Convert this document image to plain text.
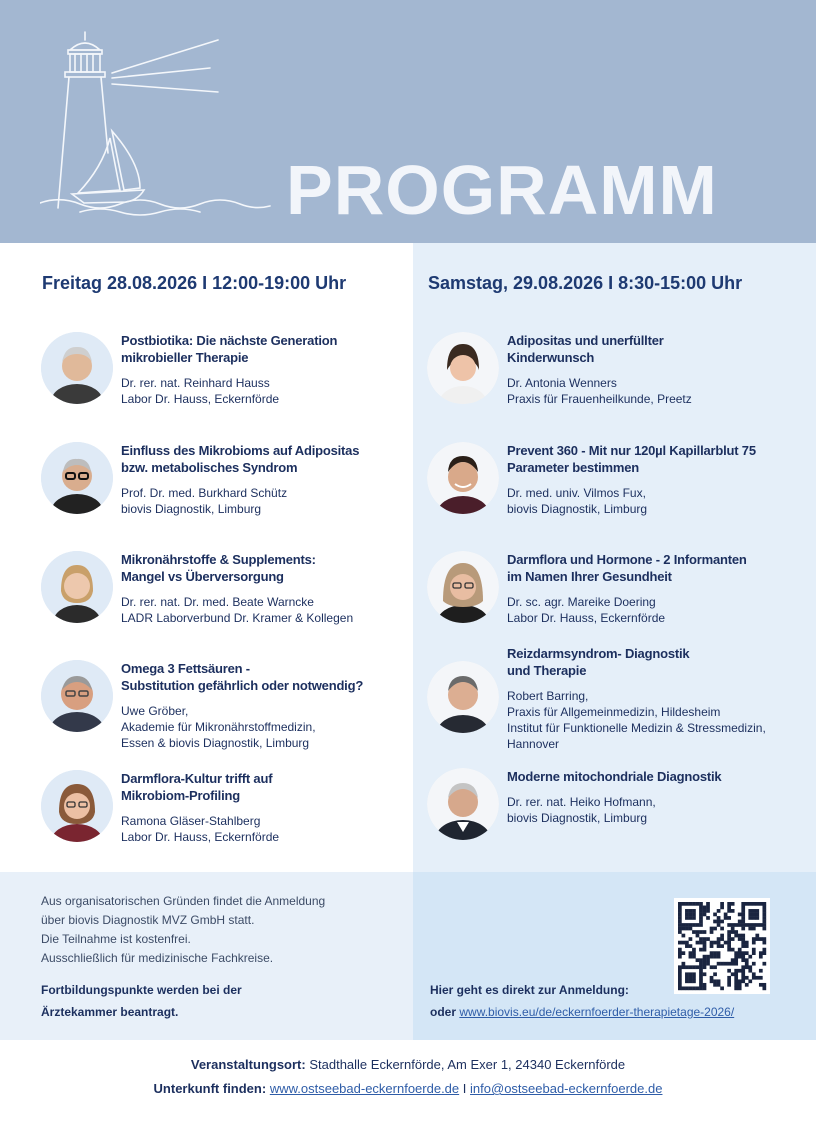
PROGRAMM
Freitag 28.08.2026 I 12:00-19:00 Uhr	Samstag, 29.08.2026 I 8:30-15:00 Uhr
Postbiotika: Die nächste Generation
mikrobieller Therapie
Dr. rer. nat. Reinhard Hauss
Labor Dr. Hauss, Eckernförde
Einfluss des Mikrobioms auf Adipositas
bzw. metabolisches Syndrom
Prof. Dr. med. Burkhard Schütz
biovis Diagnostik, Limburg
Mikronährstoffe & Supplements:
Mangel vs Überversorgung
Dr. rer. nat. Dr. med. Beate Warncke
LADR Laborverbund Dr. Kramer & Kollegen
Omega 3 Fettsäuren -
Substitution gefährlich oder notwendig?
Uwe Gröber,
Akademie für Mikronährstoffmedizin,
Essen & biovis Diagnostik, Limburg
Darmflora-Kultur trifft auf
Mikrobiom-Profiling
Ramona Gläser-Stahlberg
Labor Dr. Hauss, Eckernförde
Adipositas und unerfüllter
Kinderwunsch
Dr. Antonia Wenners
Praxis für Frauenheilkunde, Preetz
Prevent 360 - Mit nur 120µl Kapillarblut 75
Parameter bestimmen
Dr. med. univ. Vilmos Fux,
biovis Diagnostik, Limburg
Darmflora und Hormone - 2 Informanten
im Namen Ihrer Gesundheit
Dr. sc. agr. Mareike Doering
Labor Dr. Hauss, Eckernförde
Reizdarmsyndrom- Diagnostik
und Therapie
Robert Barring,
Praxis für Allgemeinmedizin, Hildesheim
Institut für Funktionelle Medizin & Stressmedizin,
Hannover
Moderne mitochondriale Diagnostik
Dr. rer. nat. Heiko Hofmann,
biovis Diagnostik, Limburg
Aus organisatorischen Gründen findet die Anmeldung
über biovis Diagnostik MVZ GmbH statt.
Die Teilnahme ist kostenfrei.
Ausschließlich für medizinische Fachkreise.
Fortbildungspunkte werden bei der
Ärztekammer beantragt.
Hier geht es direkt zur Anmeldung:
oder www.biovis.eu/de/eckernfoerder-therapietage-2026/
Veranstaltungsort: Stadthalle Eckernförde, Am Exer 1, 24340 Eckernförde
Unterkunft finden: www.ostseebad-eckernfoerde.de I info@ostseebad-eckernfoerde.de
